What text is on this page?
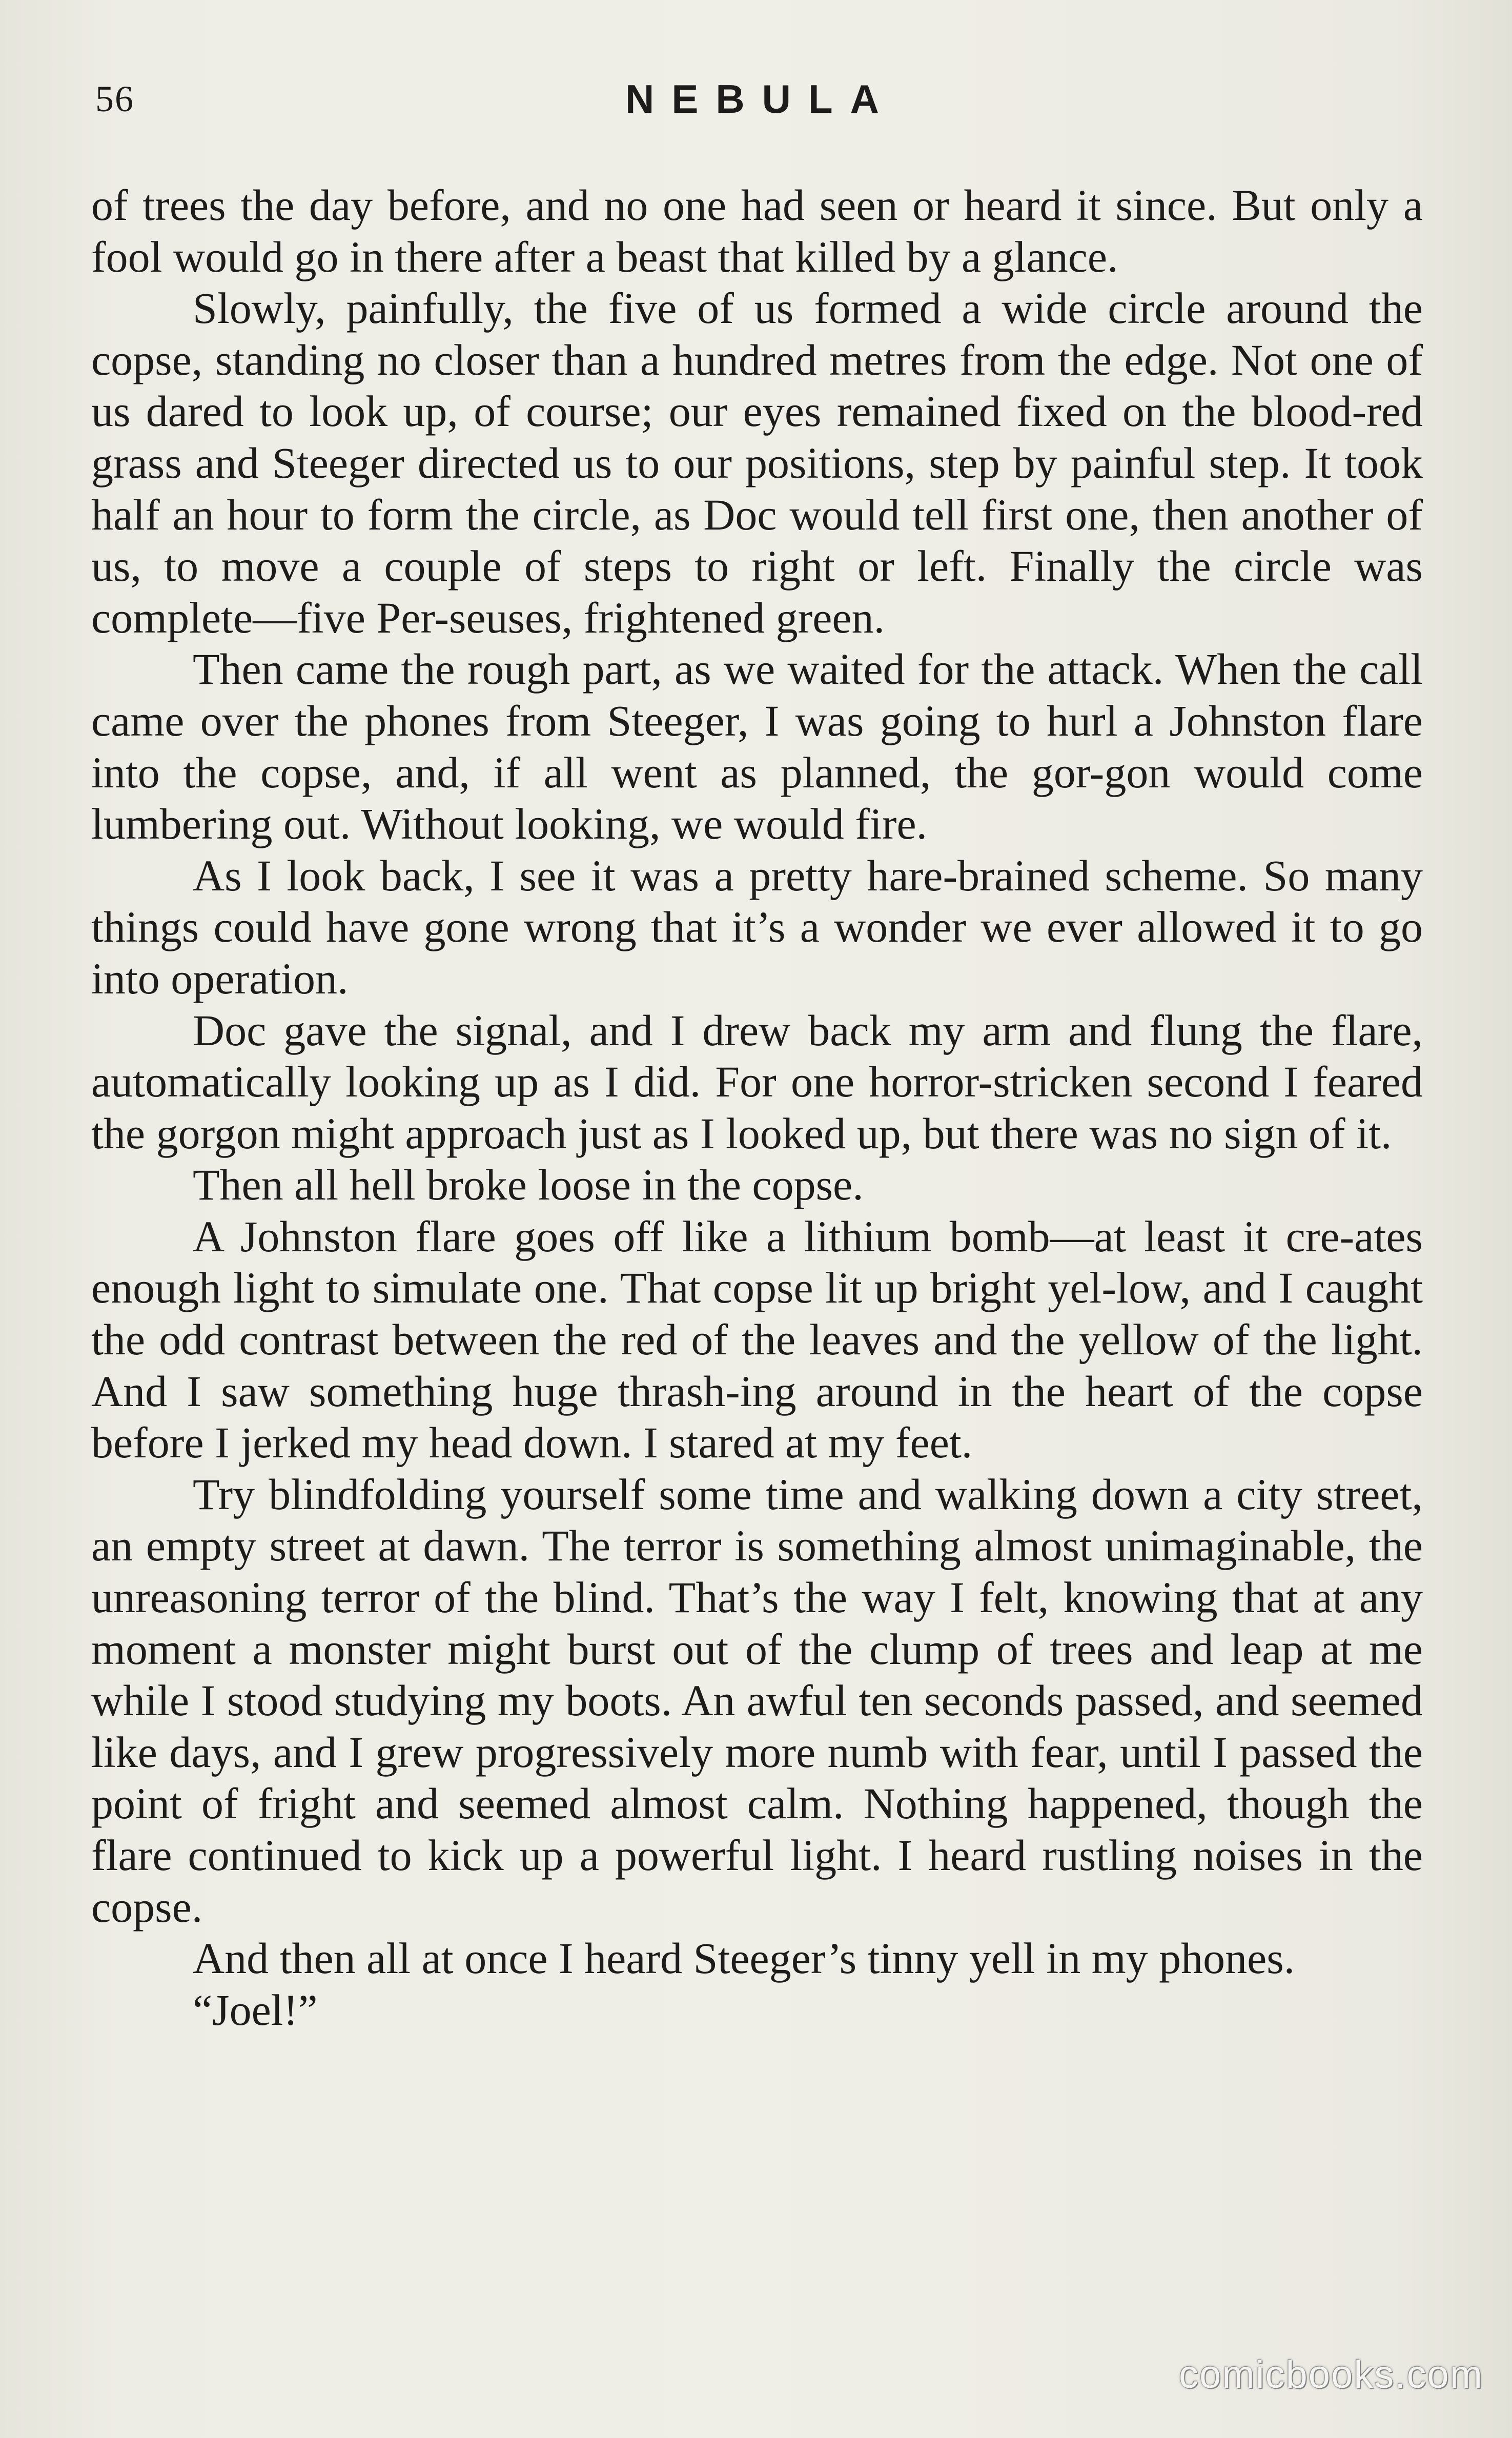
56	NEBULA

of trees the day before, and no one had seen or heard it since. But only a fool would go in there after a beast that killed by a glance.

Slowly, painfully, the five of us formed a wide circle around the copse, standing no closer than a hundred metres from the edge. Not one of us dared to look up, of course; our eyes remained fixed on the blood-red grass and Steeger directed us to our positions, step by painful step. It took half an hour to form the circle, as Doc would tell first one, then another of us, to move a couple of steps to right or left. Finally the circle was complete—five Per-seuses, frightened green.

Then came the rough part, as we waited for the attack. When the call came over the phones from Steeger, I was going to hurl a Johnston flare into the copse, and, if all went as planned, the gor-gon would come lumbering out. Without looking, we would fire.

As I look back, I see it was a pretty hare-brained scheme. So many things could have gone wrong that it’s a wonder we ever allowed it to go into operation.

Doc gave the signal, and I drew back my arm and flung the flare, automatically looking up as I did. For one horror-stricken second I feared the gorgon might approach just as I looked up, but there was no sign of it.

Then all hell broke loose in the copse.

A Johnston flare goes off like a lithium bomb—at least it cre-ates enough light to simulate one. That copse lit up bright yel-low, and I caught the odd contrast between the red of the leaves and the yellow of the light. And I saw something huge thrash-ing around in the heart of the copse before I jerked my head down. I stared at my feet.

Try blindfolding yourself some time and walking down a city street, an empty street at dawn. The terror is something almost unimaginable, the unreasoning terror of the blind. That’s the way I felt, knowing that at any moment a monster might burst out of the clump of trees and leap at me while I stood studying my boots. An awful ten seconds passed, and seemed like days, and I grew progressively more numb with fear, until I passed the point of fright and seemed almost calm. Nothing happened, though the flare continued to kick up a powerful light. I heard rustling noises in the copse.

And then all at once I heard Steeger’s tinny yell in my phones.

“Joel!”

comicbooks.com
